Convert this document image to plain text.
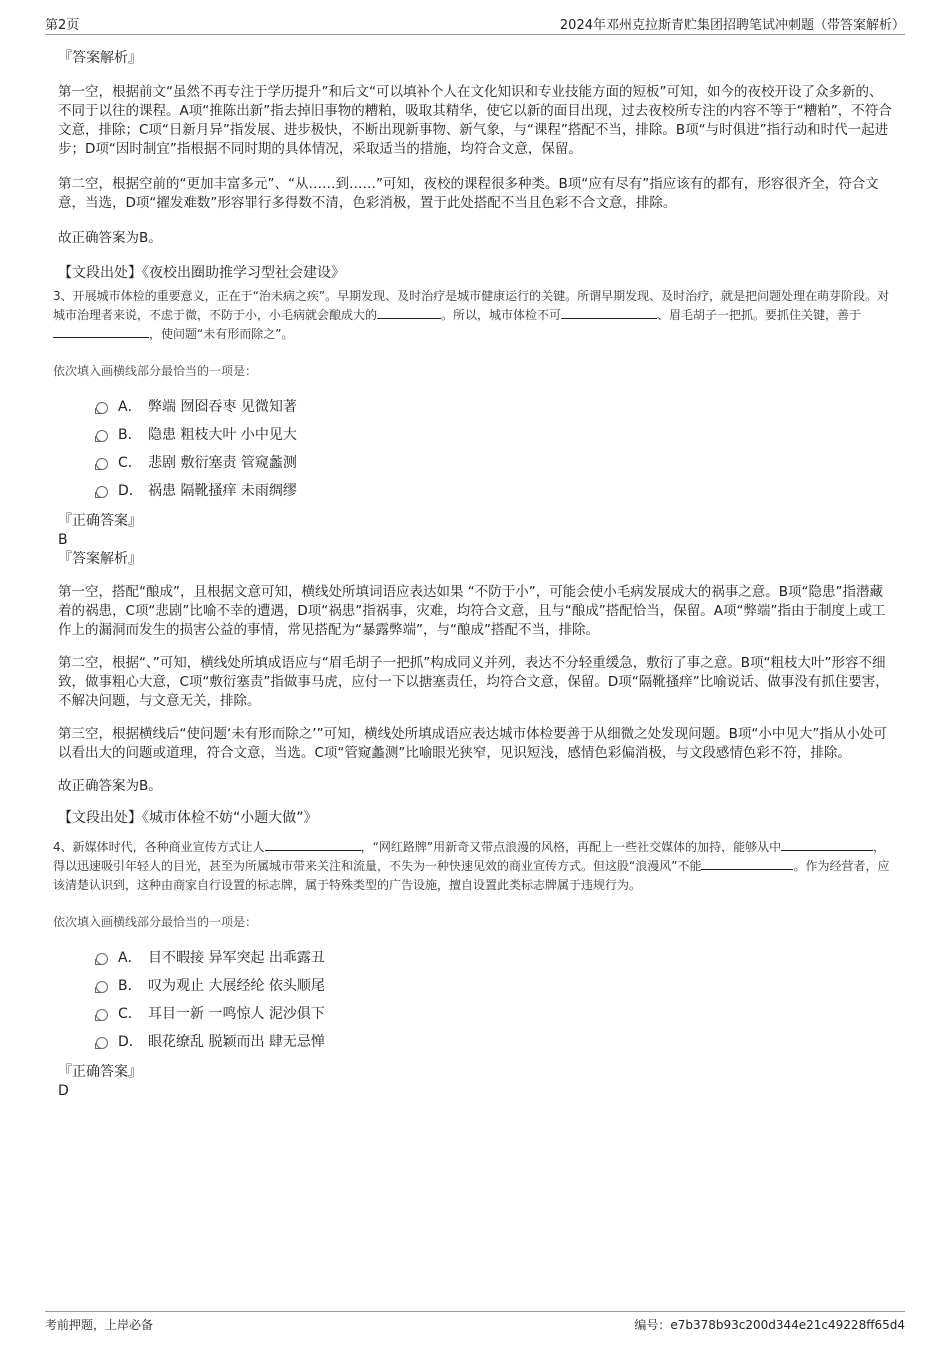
第2页	2024年邓州克拉斯青贮集团招聘笔试冲刺题（带答案解析）

『答案解析』

第一空，根据前文“虽然不再专注于学历提升”和后文“可以填补个人在文化知识和专业技能方面的短板”可知，如今的夜校开设了众多新的、不同于以往的课程。A项“推陈出新”指去掉旧事物的糟粕，吸取其精华，使它以新的面目出现，过去夜校所专注的内容不等于“糟粕”，不符合文意，排除；C项“日新月异”指发展、进步极快，不断出现新事物、新气象，与“课程”搭配不当，排除。B项“与时俱进”指行动和时代一起进步；D项“因时制宜”指根据不同时期的具体情况，采取适当的措施，均符合文意，保留。

第二空，根据空前的“更加丰富多元”、“从……到……”可知，夜校的课程很多种类。B项“应有尽有”指应该有的都有，形容很齐全，符合文意，当选，D项“擢发难数”形容罪行多得数不清，色彩消极，置于此处搭配不当且色彩不合文意，排除。

故正确答案为B。

【文段出处】《夜校出圈助推学习型社会建设》

3、开展城市体检的重要意义，正在于“治未病之疾”。早期发现、及时治疗是城市健康运行的关键。所谓早期发现、及时治疗，就是把问题处理在萌芽阶段。对城市治理者来说，不虑于微，不防于小，小毛病就会酿成大的	。所以，城市体检不可	、眉毛胡子一把抓。要抓住关键，善于，使问题“未有形而除之”。

依次填入画横线部分最恰当的一项是：

A． 弊端 囫囵吞枣 见微知著
B． 隐患 粗枝大叶 小中见大
C． 悲剧 敷衍塞责 管窥蠡测
D． 祸患 隔靴搔痒 未雨绸缪

『正确答案』

B

『答案解析』

第一空，搭配“酿成”，且根据文意可知，横线处所填词语应表达如果 “不防于小”，可能会使小毛病发展成大的祸事之意。B项“隐患”指潜藏着的祸患，C项“悲剧”比喻不幸的遭遇，D项“祸患”指祸事，灾难，均符合文意，且与“酿成”搭配恰当，保留。A项“弊端”指由于制度上或工作上的漏洞而发生的损害公益的事情，常见搭配为“暴露弊端”，与“酿成”搭配不当，排除。

第二空，根据“、”可知，横线处所填成语应与“眉毛胡子一把抓”构成同义并列，表达不分轻重缓急，敷衍了事之意。B项“粗枝大叶”形容不细致，做事粗心大意，C项“敷衍塞责”指做事马虎，应付一下以搪塞责任，均符合文意，保留。D项“隔靴搔痒”比喻说话、做事没有抓住要害，不解决问题，与文意无关，排除。

第三空，根据横线后“使问题‘未有形而除之’”可知，横线处所填成语应表达城市体检要善于从细微之处发现问题。B项“小中见大”指从小处可以看出大的问题或道理，符合文意，当选。C项“管窥蠡测”比喻眼光狭窄，见识短浅，感情色彩偏消极，与文段感情色彩不符，排除。

故正确答案为B。

【文段出处】《城市体检不妨“小题大做”》

4、新媒体时代，各种商业宣传方式让人	，“网红路牌”用新奇又带点浪漫的风格，再配上一些社交媒体的加持，能够从中	，得以迅速吸引年轻人的目光，甚至为所属城市带来关注和流量，不失为一种快速见效的商业宣传方式。但这股“浪漫风”不能	。作为经营者，应该清楚认识到，这种由商家自行设置的标志牌，属于特殊类型的广告设施，擅自设置此类标志牌属于违规行为。

依次填入画横线部分最恰当的一项是：

A． 目不暇接 异军突起 出乖露丑
B． 叹为观止 大展经纶 依头顺尾
C． 耳目一新 一鸣惊人 泥沙俱下
D． 眼花缭乱 脱颖而出 肆无忌惮

『正确答案』

D

考前押题，上岸必备	编号：e7b378b93c200d344e21c49228ff65d4
